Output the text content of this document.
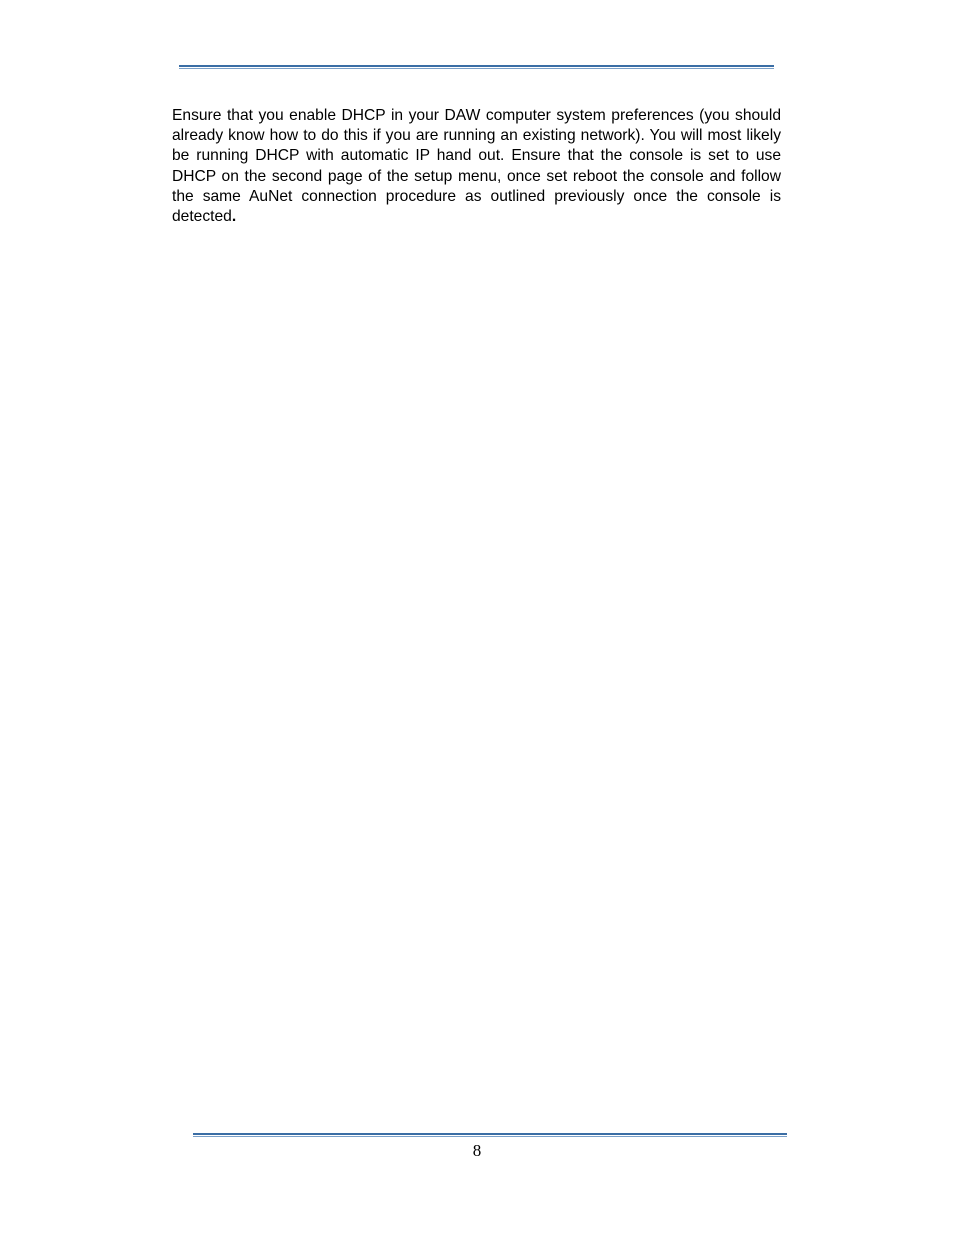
Ensure that you enable DHCP in your DAW computer system preferences (you should already know how to do this if you are running an existing network). You will most likely be running DHCP with automatic IP hand out. Ensure that the console is set to use DHCP on the second page of the setup menu, once set reboot the console and follow the same AuNet connection procedure as outlined previously once the console is detected.

8
